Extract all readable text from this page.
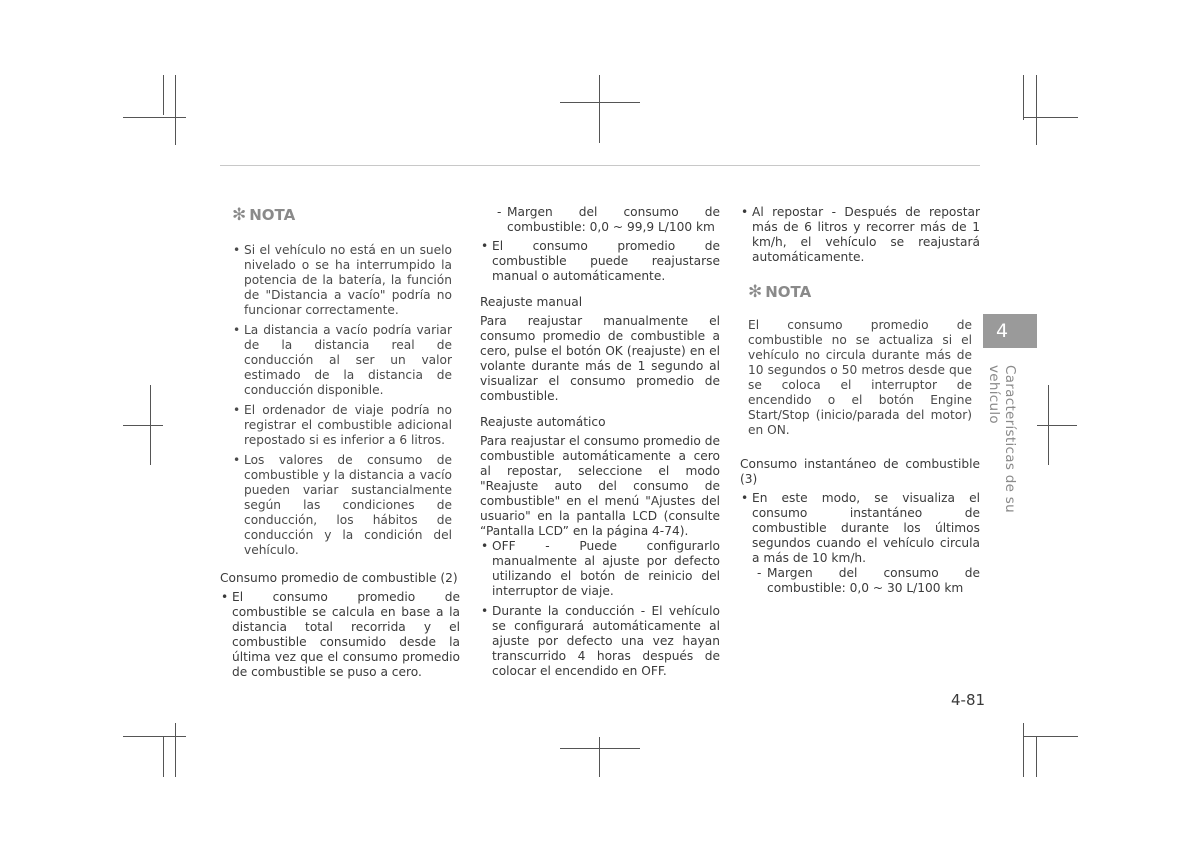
✻ NOTA

• Si el vehículo no está en un suelo nivelado o se ha interrumpido la potencia de la batería, la función de "Distancia a vacío" podría no funcionar correctamente.

• La distancia a vacío podría variar de la distancia real de conducción al ser un valor estimado de la distancia de conducción disponible.

• El ordenador de viaje podría no registrar el combustible adicional repostado si es inferior a 6 litros.

• Los valores de consumo de combustible y la distancia a vacío pueden variar sustancialmente según las condiciones de conducción, los hábitos de conducción y la condición del vehículo.

Consumo promedio de combustible (2)

• El consumo promedio de combustible se calcula en base a la distancia total recorrida y el combustible consumido desde la última vez que el consumo promedio de combustible se puso a cero.

- Margen del consumo de combustible: 0,0 ~ 99,9 L/100 km

• El consumo promedio de combustible puede reajustarse manual o automáticamente.

Reajuste manual

Para reajustar manualmente el consumo promedio de combustible a cero, pulse el botón OK (reajuste) en el volante durante más de 1 segundo al visualizar el consumo promedio de combustible.

Reajuste automático

Para reajustar el consumo promedio de combustible automáticamente a cero al repostar, seleccione el modo "Reajuste auto del consumo de combustible" en el menú "Ajustes del usuario" en la pantalla LCD (consulte “Pantalla LCD” en la página 4-74).

• OFF - Puede configurarlo manualmente al ajuste por defecto utilizando el botón de reinicio del interruptor de viaje.

• Durante la conducción - El vehículo se configurará automáticamente al ajuste por defecto una vez hayan transcurrido 4 horas después de colocar el encendido en OFF.

• Al repostar - Después de repostar más de 6 litros y recorrer más de 1 km/h, el vehículo se reajustará automáticamente.

✻ NOTA

El consumo promedio de combustible no se actualiza si el vehículo no circula durante más de 10 segundos o 50 metros desde que se coloca el interruptor de encendido o el botón Engine Start/Stop (inicio/parada del motor) en ON.

Consumo instantáneo de combustible (3)

• En este modo, se visualiza el consumo instantáneo de combustible durante los últimos segundos cuando el vehículo circula a más de 10 km/h.

- Margen del consumo de combustible: 0,0 ~ 30 L/100 km

4
Características de su vehículo
4-81
